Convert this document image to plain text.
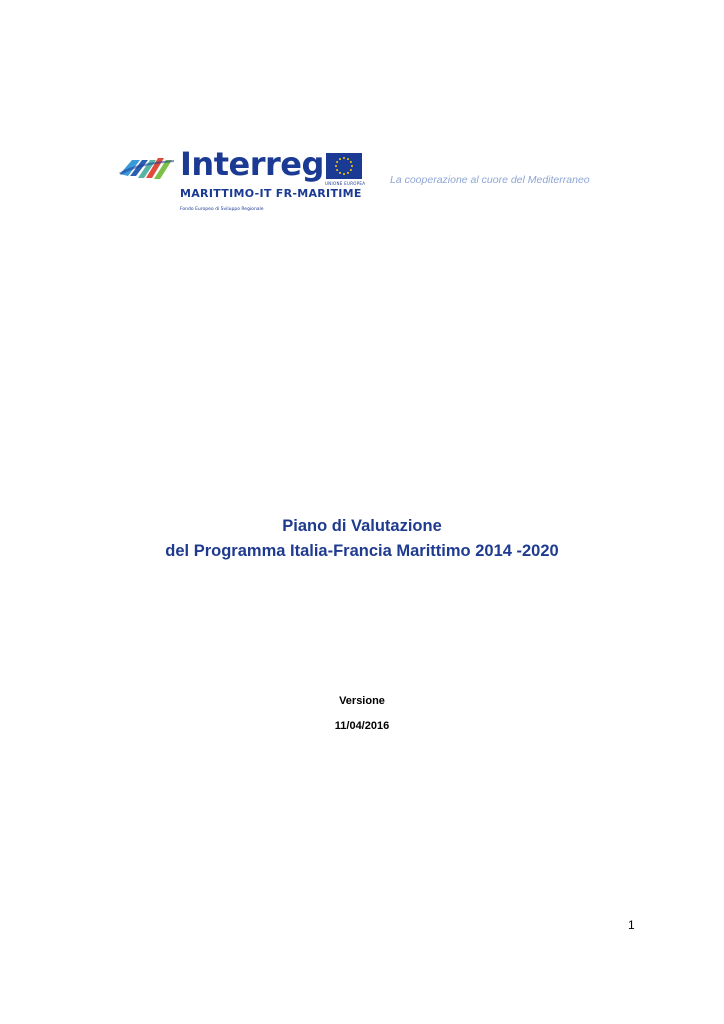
Interreg
UNIONE EUROPEA
MARITTIMO-IT FR-MARITIME
Fondo Europeo di Sviluppo Regionale
La cooperazione al cuore del Mediterraneo
Piano di Valutazione
del Programma Italia-Francia Marittimo 2014 -2020
Versione
11/04/2016
1
